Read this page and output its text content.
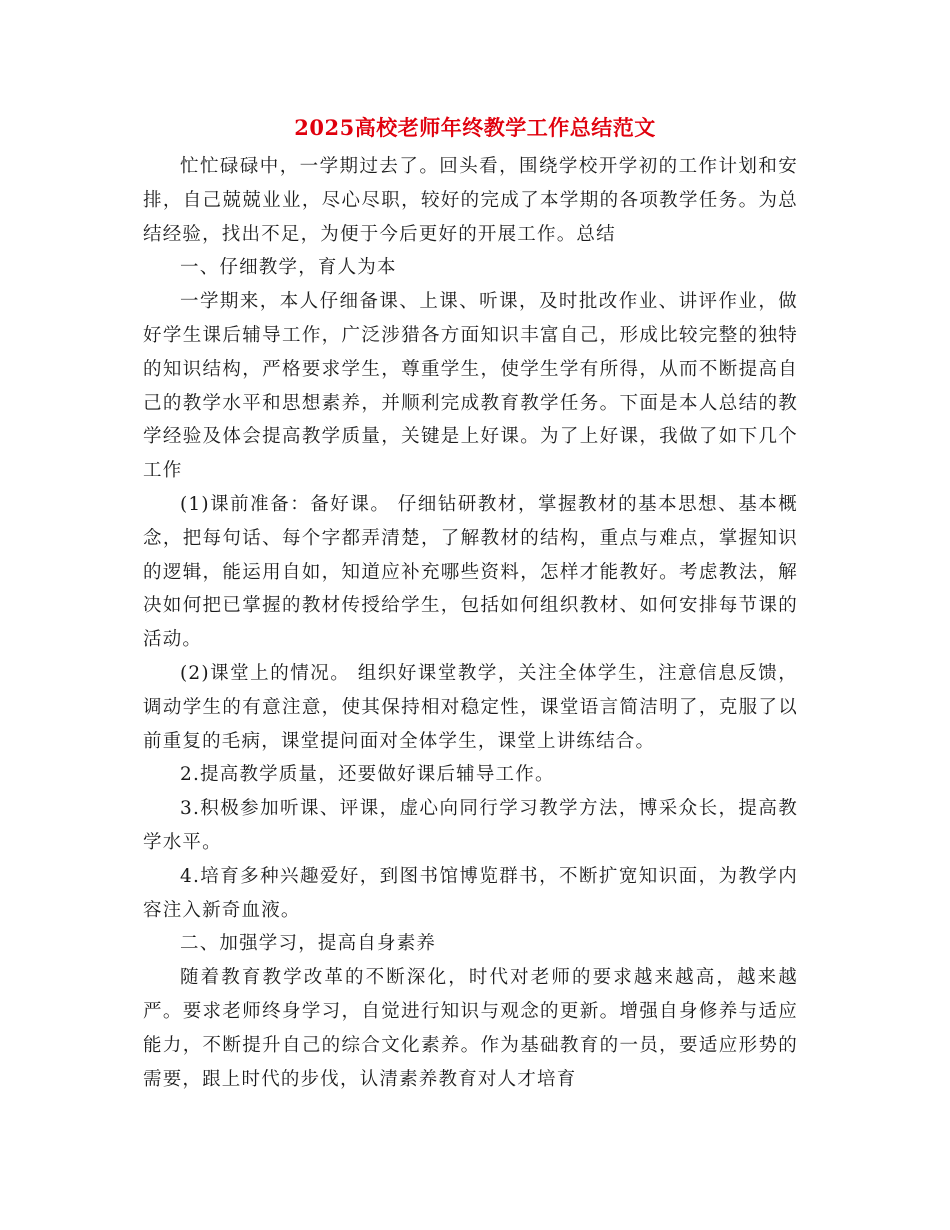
2025高校老师年终教学工作总结范文

忙忙碌碌中，一学期过去了。回头看，围绕学校开学初的工作计划和安排，自己兢兢业业，尽心尽职，较好的完成了本学期的各项教学任务。为总结经验，找出不足，为便于今后更好的开展工作。总结

一、仔细教学，育人为本

一学期来，本人仔细备课、上课、听课，及时批改作业、讲评作业，做好学生课后辅导工作，广泛涉猎各方面知识丰富自己，形成比较完整的独特的知识结构，严格要求学生，尊重学生，使学生学有所得，从而不断提高自己的教学水平和思想素养，并顺利完成教育教学任务。下面是本人总结的教学经验及体会提高教学质量，关键是上好课。为了上好课，我做了如下几个工作

(1)课前准备：备好课。 仔细钻研教材，掌握教材的基本思想、基本概念，把每句话、每个字都弄清楚，了解教材的结构，重点与难点，掌握知识的逻辑，能运用自如，知道应补充哪些资料，怎样才能教好。考虑教法，解决如何把已掌握的教材传授给学生，包括如何组织教材、如何安排每节课的活动。

(2)课堂上的情况。 组织好课堂教学，关注全体学生，注意信息反馈，调动学生的有意注意，使其保持相对稳定性，课堂语言简洁明了，克服了以前重复的毛病，课堂提问面对全体学生，课堂上讲练结合。

2.提高教学质量，还要做好课后辅导工作。

3.积极参加听课、评课，虚心向同行学习教学方法，博采众长，提高教学水平。

4.培育多种兴趣爱好，到图书馆博览群书，不断扩宽知识面，为教学内容注入新奇血液。

二、加强学习，提高自身素养

随着教育教学改革的不断深化，时代对老师的要求越来越高，越来越严。要求老师终身学习，自觉进行知识与观念的更新。增强自身修养与适应能力，不断提升自己的综合文化素养。作为基础教育的一员，要适应形势的需要，跟上时代的步伐，认清素养教育对人才培育
